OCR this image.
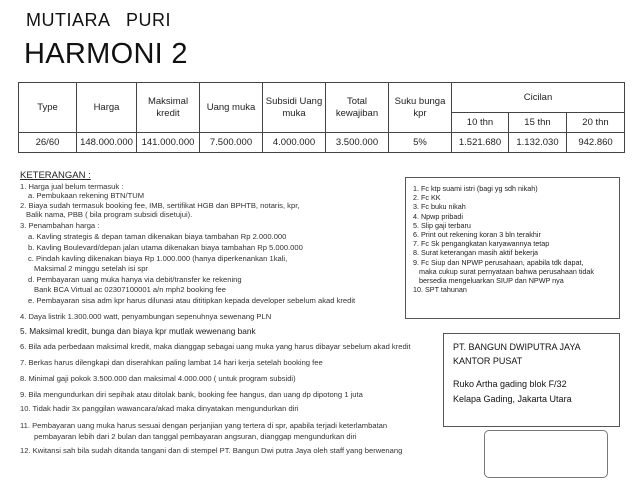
MUTIARA   PURI
HARMONI 2
Type	Harga	Maksimal kredit	Uang muka	Subsidi Uang muka	Total kewajiban	Suku bunga kpr	Cicilan		
							10 thn	15 thn	20 thn
26/60	148.000.000	141.000.000	7.500.000	4.000.000	3.500.000	5%	1.521.680	1.132.030	942.860
KETERANGAN :
1. Harga jual belum termasuk :
a. Pembukaan rekening BTN/TUM
2. Biaya sudah termasuk booking fee, IMB, sertifikat HGB dan BPHTB, notaris, kpr,
Balik nama, PBB ( bila program subsidi disetujui).
3. Penambahan harga :
a. Kavling strategis & depan taman dikenakan biaya tambahan Rp 2.000.000
b. Kavling Boulevard/depan jalan utama dikenakan biaya tambahan Rp 5.000.000
c. Pindah kavling dikenakan biaya Rp 1.000.000 (hanya diperkenankan 1kali,
Maksimal 2 minggu setelah isi spr
d. Pembayaran uang muka hanya via debit/transfer ke rekening
Bank BCA Virtual ac 02307100001 a/n mph2 booking fee
e. Pembayaran sisa adm kpr harus dilunasi atau dititipkan kepada developer sebelum akad kredit
4. Daya listrik 1.300.000 watt, penyambungan sepenuhnya sewenang PLN
5. Maksimal kredit, bunga dan biaya kpr mutlak wewenang bank
6. Bila ada perbedaan maksimal kredit, maka dianggap sebagai uang muka yang harus dibayar sebelum akad kredit
7. Berkas harus dilengkapi dan diserahkan paling lambat 14 hari kerja setelah booking fee
8. Minimal gaji pokok 3.500.000 dan maksimal 4.000.000 ( untuk program subsidi)
9. Bila mengundurkan diri sepihak atau ditolak bank, booking fee hangus, dan uang dp dipotong 1 juta
10. Tidak hadir 3x panggilan wawancara/akad maka dinyatakan mengundurkan diri
11. Pembayaran uang muka harus sesuai dengan perjanjian yang tertera di spr, apabila terjadi keterlambatan
pembayaran lebih dari 2 bulan dan tanggal pembayaran angsuran, dianggap mengundurkan diri
12. Kwitansi sah bila sudah ditanda tangani dan di stempel PT. Bangun Dwi putra Jaya oleh staff yang berwenang
1. Fc ktp suami istri (bagi yg sdh nikah)
2. Fc KK
3. Fc buku nikah
4. Npwp pribadi
5. Slip gaji terbaru
6. Print out rekening koran 3 bln terakhir
7. Fc Sk pengangkatan karyawannya tetap
8. Surat keterangan masih aktif bekerja
9. Fc Siup dan NPWP perusahaan, apabila tdk dapat,
maka cukup surat pernyataan bahwa perusahaan tidak
bersedia mengeluarkan SIUP dan NPWP nya
10. SPT tahunan
PT. BANGUN DWIPUTRA JAYA
KANTOR PUSAT
Ruko Artha gading blok F/32
Kelapa Gading, Jakarta Utara
